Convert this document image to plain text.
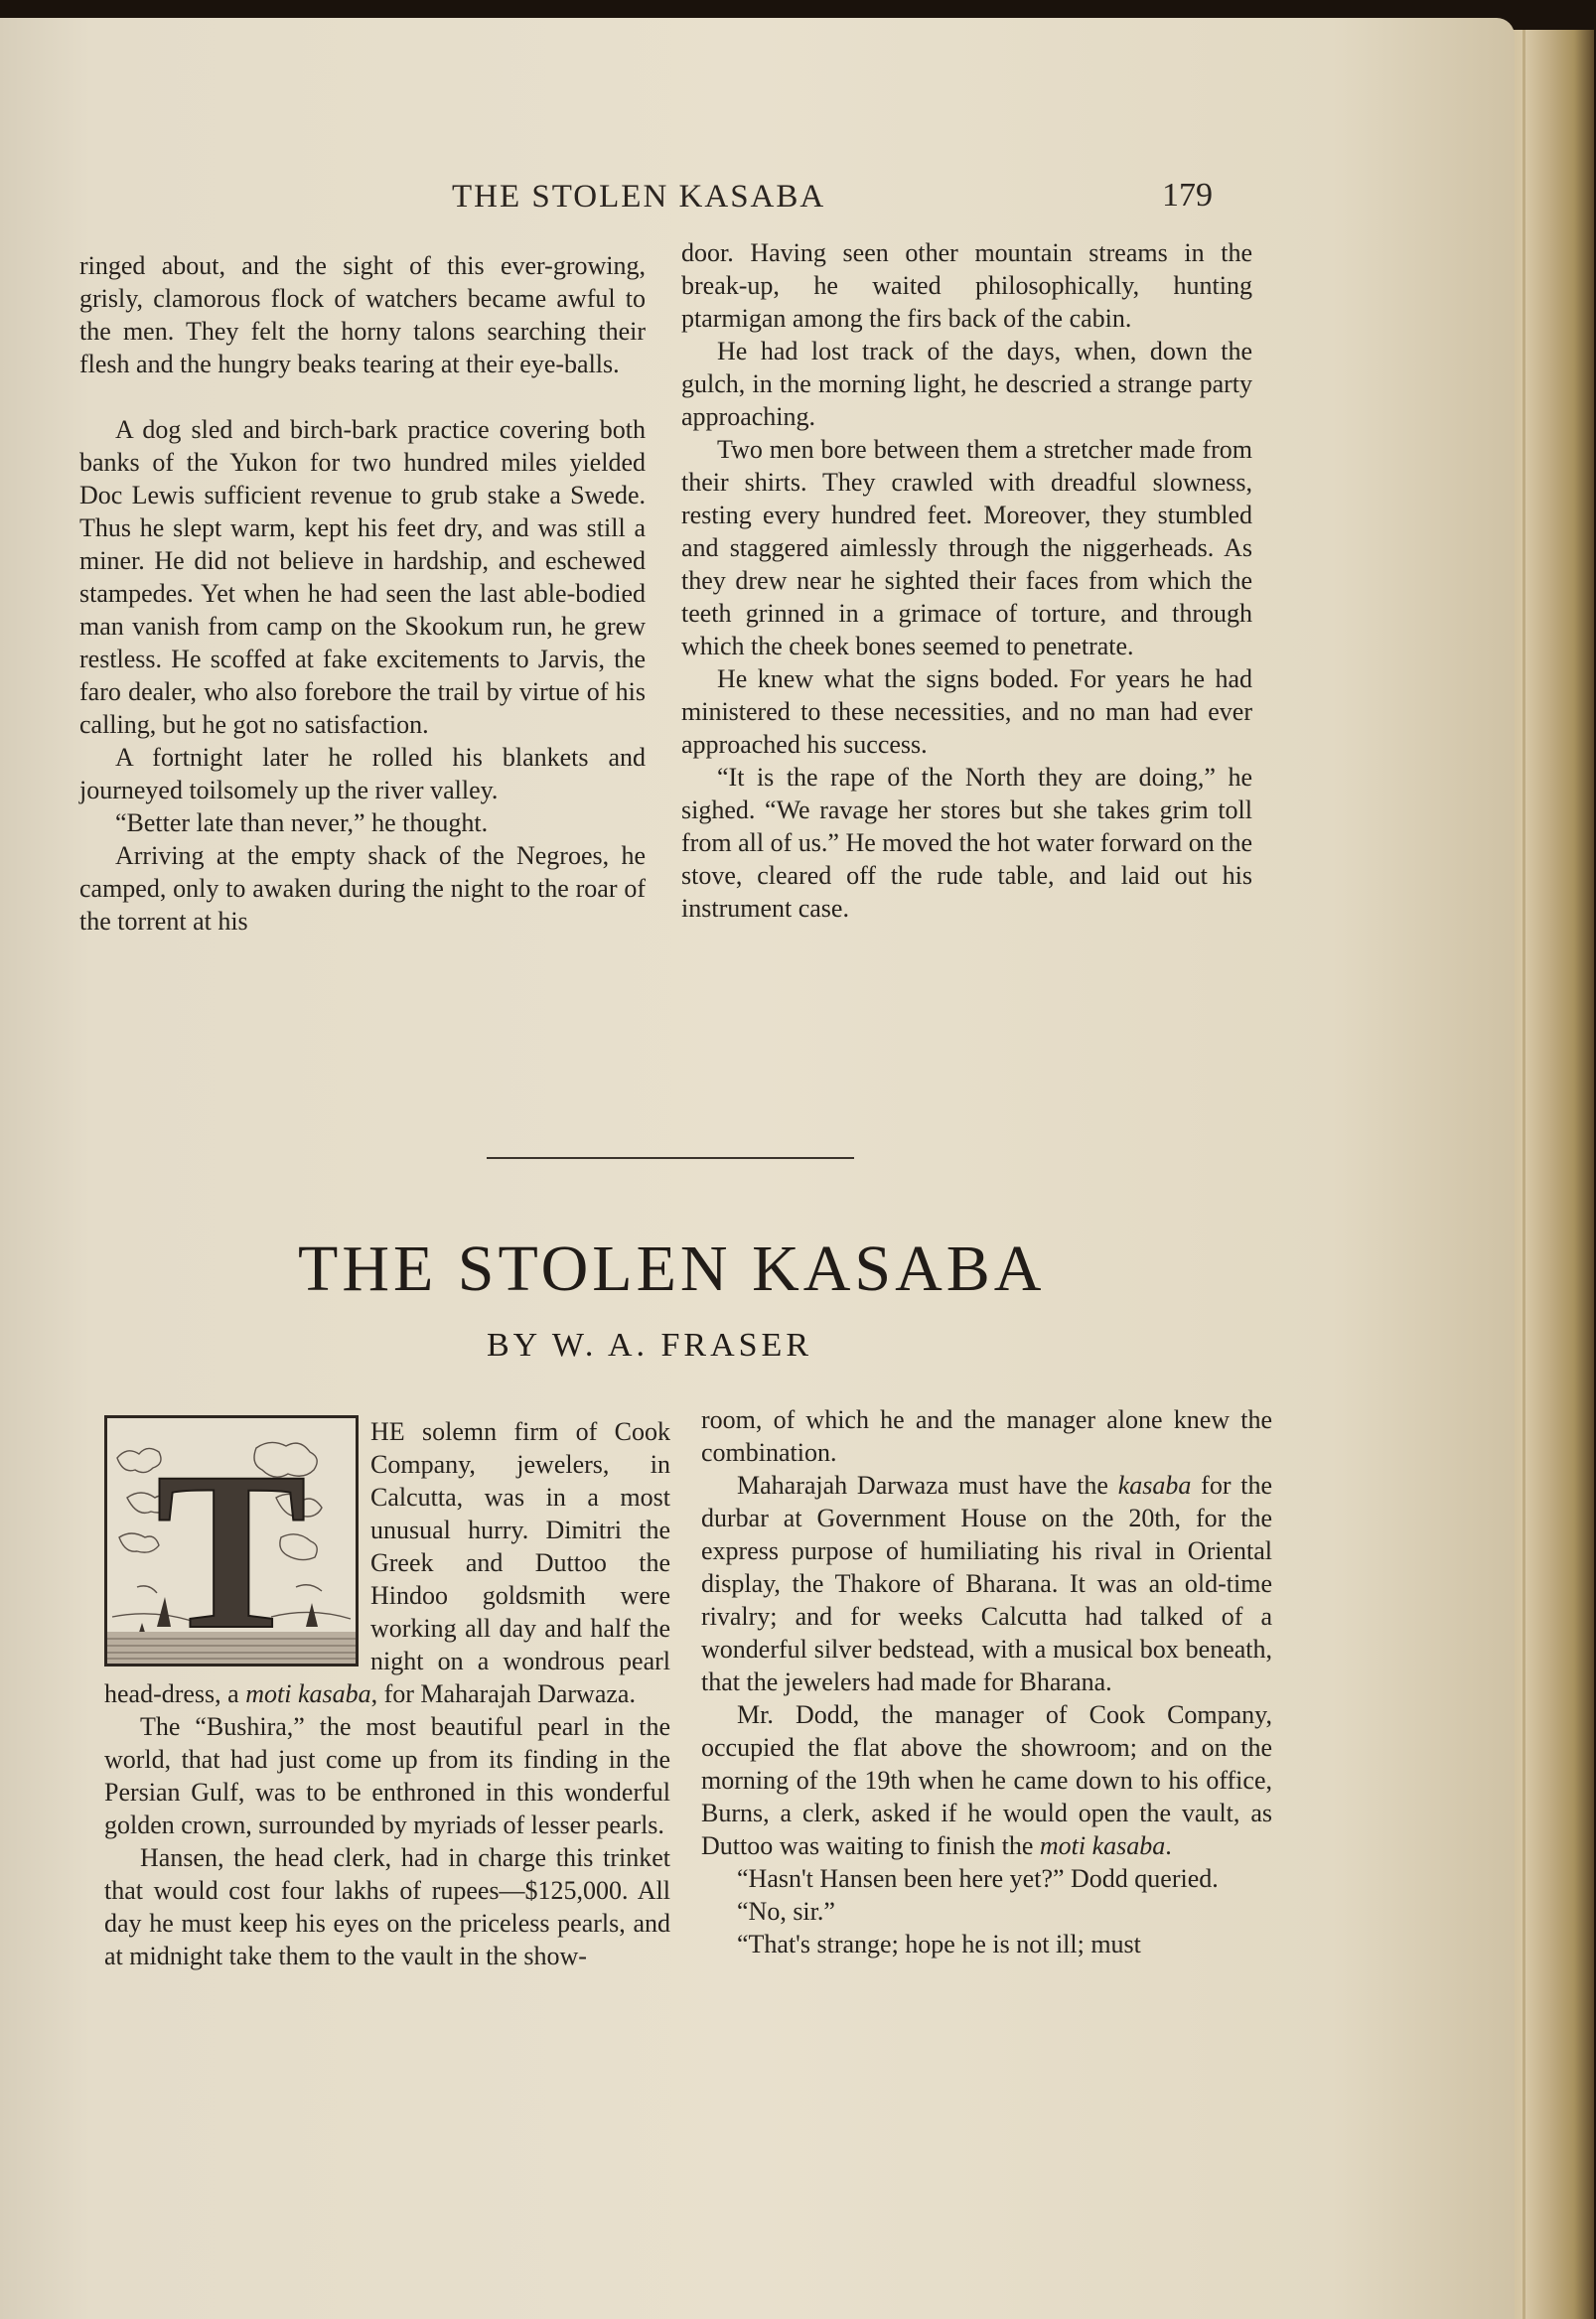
THE STOLEN KASABA	179

ringed about, and the sight of this ever-growing, grisly, clamorous flock of watchers became awful to the men. They felt the horny talons searching their flesh and the hungry beaks tearing at their eye-balls.

A dog sled and birch-bark practice covering both banks of the Yukon for two hundred miles yielded Doc Lewis sufficient revenue to grub stake a Swede. Thus he slept warm, kept his feet dry, and was still a miner. He did not believe in hardship, and eschewed stampedes. Yet when he had seen the last able-bodied man vanish from camp on the Skookum run, he grew restless. He scoffed at fake excitements to Jarvis, the faro dealer, who also forebore the trail by virtue of his calling, but he got no satisfaction.

A fortnight later he rolled his blankets and journeyed toilsomely up the river valley.

“Better late than never,” he thought.

Arriving at the empty shack of the Negroes, he camped, only to awaken during the night to the roar of the torrent at his

door. Having seen other mountain streams in the break-up, he waited philosophically, hunting ptarmigan among the firs back of the cabin.

He had lost track of the days, when, down the gulch, in the morning light, he descried a strange party approaching.

Two men bore between them a stretcher made from their shirts. They crawled with dreadful slowness, resting every hundred feet. Moreover, they stumbled and staggered aimlessly through the niggerheads. As they drew near he sighted their faces from which the teeth grinned in a grimace of torture, and through which the cheek bones seemed to penetrate.

He knew what the signs boded. For years he had ministered to these necessities, and no man had ever approached his success.

“It is the rape of the North they are doing,” he sighed. “We ravage her stores but she takes grim toll from all of us.” He moved the hot water forward on the stove, cleared off the rude table, and laid out his instrument case.

THE STOLEN KASABA
BY W. A. FRASER
T	HE solemn firm of Cook Company, jewelers, in Calcutta, was in a most unusual hurry. Dimitri the Greek and Duttoo the Hindoo goldsmith were working all day and half the night on a wondrous pearl head-dress, a moti kasaba, for Maharajah Darwaza.

The “Bushira,” the most beautiful pearl in the world, that had just come up from its finding in the Persian Gulf, was to be enthroned in this wonderful golden crown, surrounded by myriads of lesser pearls.

Hansen, the head clerk, had in charge this trinket that would cost four lakhs of rupees—$125,000. All day he must keep his eyes on the priceless pearls, and at midnight take them to the vault in the show-

room, of which he and the manager alone knew the combination.

Maharajah Darwaza must have the kasaba for the durbar at Government House on the 20th, for the express purpose of humiliating his rival in Oriental display, the Thakore of Bharana. It was an old-time rivalry; and for weeks Calcutta had talked of a wonderful silver bedstead, with a musical box beneath, that the jewelers had made for Bharana.

Mr. Dodd, the manager of Cook Company, occupied the flat above the showroom; and on the morning of the 19th when he came down to his office, Burns, a clerk, asked if he would open the vault, as Duttoo was waiting to finish the moti kasaba.

“Hasn't Hansen been here yet?” Dodd queried.

“No, sir.”

“That's strange; hope he is not ill; must
